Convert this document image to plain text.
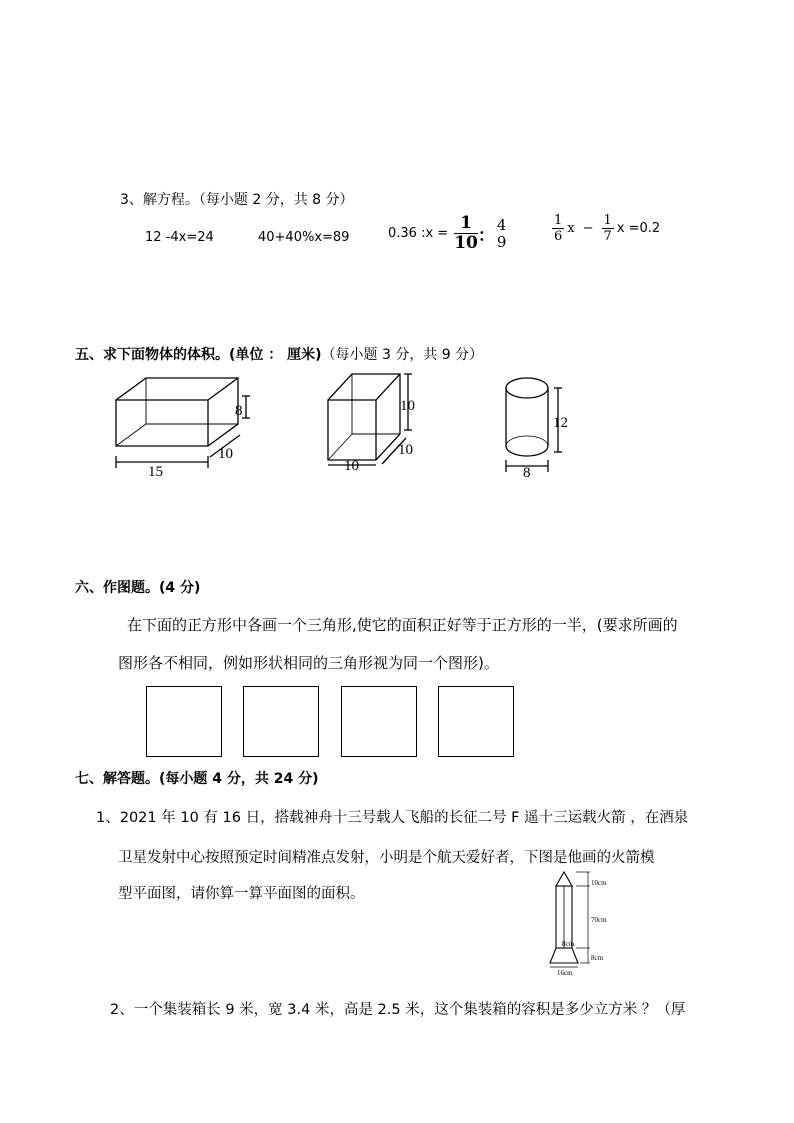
3、解方程。（每小题 2 分，共 8 分）
12 -4x=24	40+40%x=89	0.36 :x = $\frac{1}{10}$ ：
4
9	$\frac{1}{6}$ $x - \frac{1}{7}$ x =0.2
五、求下面物体的体积。(单位 ： 厘米)（每小题 3 分，共 9 分）
8
15
10
10
10
10
12
8
六、作图题。(4 分)
在下面的正方形中各画一个三角形,使它的面积正好等于正方形的一半，(要求所画的
图形各不相同，例如形状相同的三角形视为同一个图形)。
七、解答题。(每小题 4 分，共 24 分)
1、2021 年 10 有 16 日，搭载神舟十三号载人飞船的长征二号 F 遥十三运载火箭 ，在酒泉
卫星发射中心按照预定时间精准点发射，小明是个航天爱好者，下图是他画的火箭模
型平面图，请你算一算平面图的面积。
10cm
70cm
8cm
8cm
16cm
2、一个集装箱长 9 米，宽 3.4 米，高是 2.5 米，这个集装箱的容积是多少立方米 ？（厚
